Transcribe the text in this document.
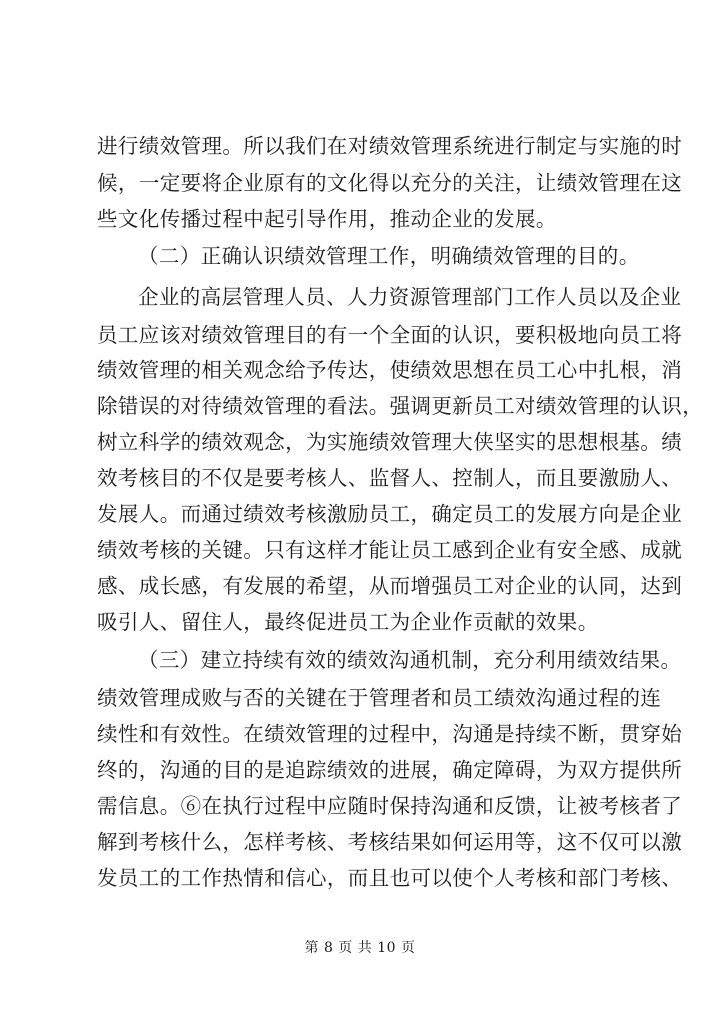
进行绩效管理。所以我们在对绩效管理系统进行制定与实施的时
候，一定要将企业原有的文化得以充分的关注，让绩效管理在这
些文化传播过程中起引导作用，推动企业的发展。
（二）正确认识绩效管理工作，明确绩效管理的目的。
企业的高层管理人员、人力资源管理部门工作人员以及企业
员工应该对绩效管理目的有一个全面的认识，要积极地向员工将
绩效管理的相关观念给予传达，使绩效思想在员工心中扎根，消
除错误的对待绩效管理的看法。强调更新员工对绩效管理的认识，
树立科学的绩效观念，为实施绩效管理大侠坚实的思想根基。绩
效考核目的不仅是要考核人、监督人、控制人，而且要激励人、
发展人。而通过绩效考核激励员工，确定员工的发展方向是企业
绩效考核的关键。只有这样才能让员工感到企业有安全感、成就
感、成长感，有发展的希望，从而增强员工对企业的认同，达到
吸引人、留住人，最终促进员工为企业作贡献的效果。
（三）建立持续有效的绩效沟通机制，充分利用绩效结果。
绩效管理成败与否的关键在于管理者和员工绩效沟通过程的连
续性和有效性。在绩效管理的过程中，沟通是持续不断，贯穿始
终的，沟通的目的是追踪绩效的进展，确定障碍，为双方提供所
需信息。⑥在执行过程中应随时保持沟通和反馈，让被考核者了
解到考核什么，怎样考核、考核结果如何运用等，这不仅可以激
发员工的工作热情和信心，而且也可以使个人考核和部门考核、
第 8 页 共 10 页
